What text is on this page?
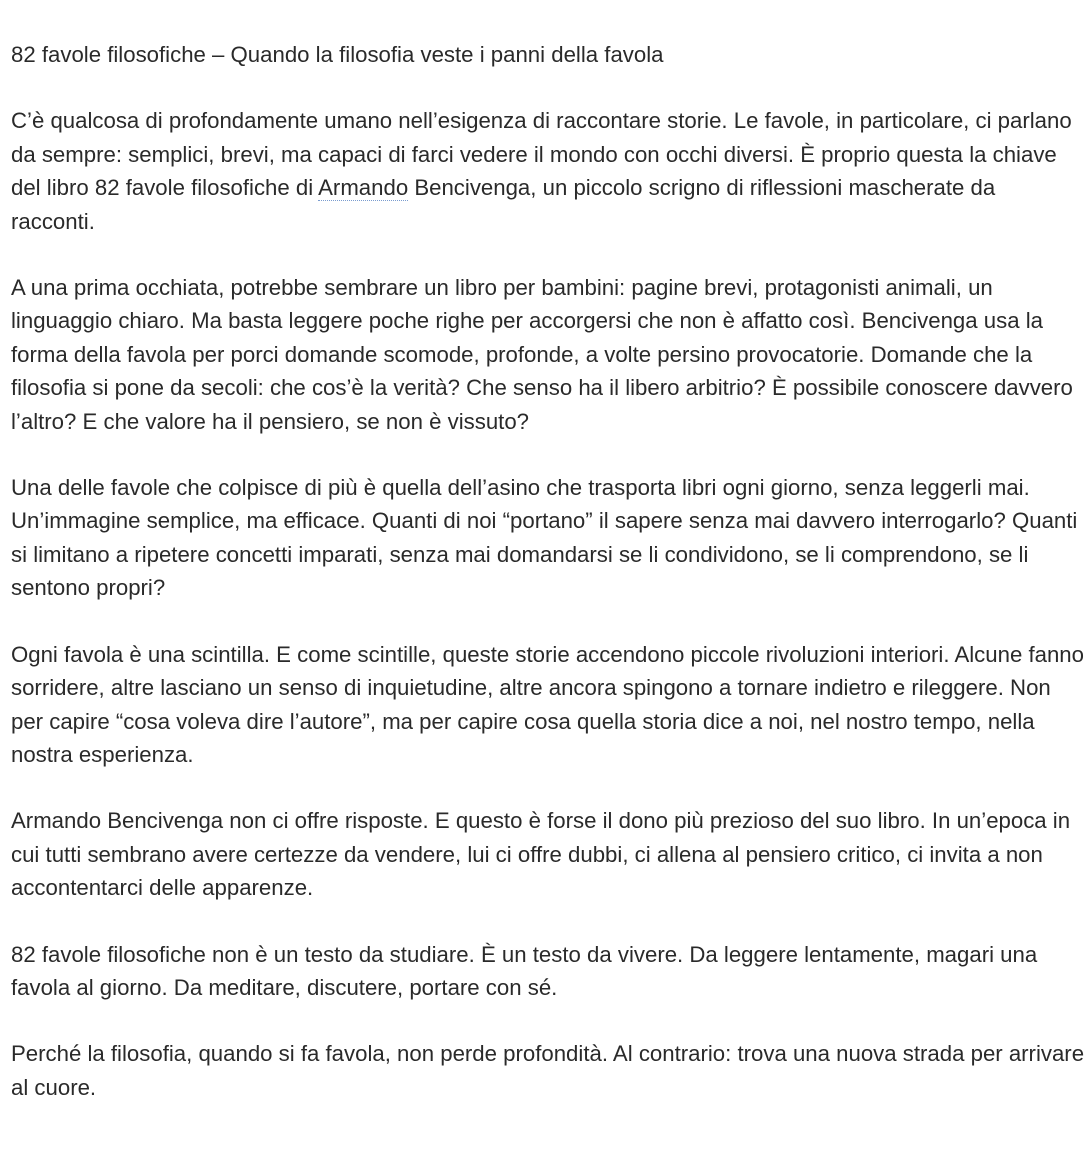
82 favole filosofiche – Quando la filosofia veste i panni della favola

C’è qualcosa di profondamente umano nell’esigenza di raccontare storie. Le favole, in particolare, ci parlano da sempre: semplici, brevi, ma capaci di farci vedere il mondo con occhi diversi. È proprio questa la chiave del libro 82 favole filosofiche di Armando Bencivenga, un piccolo scrigno di riflessioni mascherate da racconti.

A una prima occhiata, potrebbe sembrare un libro per bambini: pagine brevi, protagonisti animali, un linguaggio chiaro. Ma basta leggere poche righe per accorgersi che non è affatto così. Bencivenga usa la forma della favola per porci domande scomode, profonde, a volte persino provocatorie. Domande che la filosofia si pone da secoli: che cos’è la verità? Che senso ha il libero arbitrio? È possibile conoscere davvero l’altro? E che valore ha il pensiero, se non è vissuto?

Una delle favole che colpisce di più è quella dell’asino che trasporta libri ogni giorno, senza leggerli mai. Un’immagine semplice, ma efficace. Quanti di noi “portano” il sapere senza mai davvero interrogarlo? Quanti si limitano a ripetere concetti imparati, senza mai domandarsi se li condividono, se li comprendono, se li sentono propri?

Ogni favola è una scintilla. E come scintille, queste storie accendono piccole rivoluzioni interiori. Alcune fanno sorridere, altre lasciano un senso di inquietudine, altre ancora spingono a tornare indietro e rileggere. Non per capire “cosa voleva dire l’autore”, ma per capire cosa quella storia dice a noi, nel nostro tempo, nella nostra esperienza.

Armando Bencivenga non ci offre risposte. E questo è forse il dono più prezioso del suo libro. In un’epoca in cui tutti sembrano avere certezze da vendere, lui ci offre dubbi, ci allena al pensiero critico, ci invita a non accontentarci delle apparenze.

82 favole filosofiche non è un testo da studiare. È un testo da vivere. Da leggere lentamente, magari una favola al giorno. Da meditare, discutere, portare con sé.

Perché la filosofia, quando si fa favola, non perde profondità. Al contrario: trova una nuova strada per arrivare al cuore.
